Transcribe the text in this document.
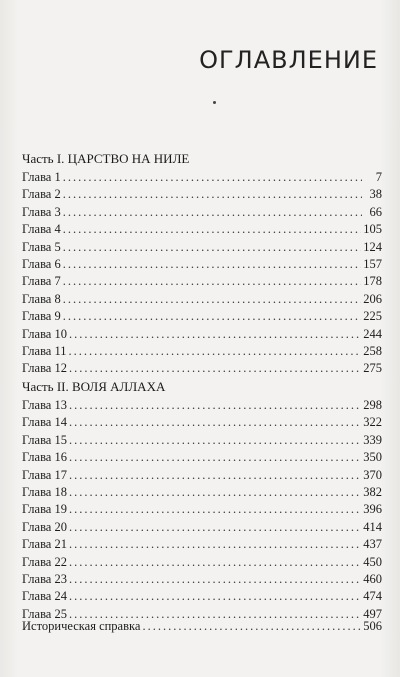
ОГЛАВЛЕНИЕ
Часть I. ЦАРСТВО НА НИЛЕ
Глава 1 .....	7
Глава 2 .....	38
Глава 3 .....	66
Глава 4 .....	105
Глава 5 .....	124
Глава 6 .....	157
Глава 7 .....	178
Глава 8 .....	206
Глава 9 .....	225
Глава 10 .....	244
Глава 11 .....	258
Глава 12 .....	275
Часть II. ВОЛЯ АЛЛАХА
Глава 13 .....	298
Глава 14 .....	322
Глава 15 .....	339
Глава 16 .....	350
Глава 17 .....	370
Глава 18 .....	382
Глава 19 .....	396
Глава 20 .....	414
Глава 21 .....	437
Глава 22 .....	450
Глава 23 .....	460
Глава 24 .....	474
Глава 25 .....	497
Историческая справка .....	506
